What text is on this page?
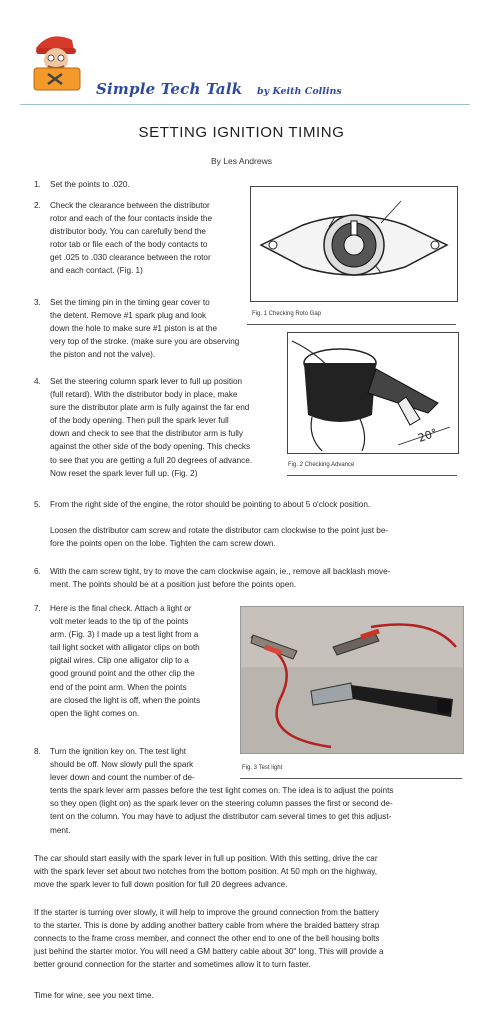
Simple Tech Talk by Keith Collins
SETTING IGNITION TIMING
By Les Andrews
1.	Set the points to .020.
2.	Check the clearance between the distributor
rotor and each of the four contacts inside the
distributor body. You can carefully bend the
rotor tab or file each of the body contacts to
get .025 to .030 clearance between the rotor
and each contact. (Fig. 1)
Fig. 1 Checking Roto Gap
3.	Set the timing pin in the timing gear cover to
the detent. Remove #1 spark plug and look
down the hole to make sure #1 piston is at the
very top of the stroke. (make sure you are observing
the piston and not the valve).
20°
Fig. 2 Checking Advance
4.	Set the steering column spark lever to full up position
(full retard). With the distributor body in place, make
sure the distributor plate arm is fully against the far end
of the body opening. Then pull the spark lever full
down and check to see that the distributor arm is fully
against the other side of the body opening. This checks
to see that you are getting a full 20 degrees of advance.
Now reset the spark lever full up. (Fig. 2)
5.	From the right side of the engine, the rotor should be pointing to about 5 o'clock position.
Loosen the distributor cam screw and rotate the distributor cam clockwise to the point just be-
fore the points open on the lobe. Tighten the cam screw down.
6.	With the cam screw tight, try to move the cam clockwise again, ie., remove all backlash move-
ment. The points should be at a position just before the points open.
7.	Here is the final check. Attach a light or
volt meter leads to the tip of the points
arm. (Fig. 3) I made up a test light from a
tail light socket with alligator clips on both
pigtail wires. Clip one alligator clip to a
good ground point and the other clip the
end of the point arm. When the points
are closed the light is off, when the points
open the light comes on.
Fig. 3 Test light
8.	Turn the ignition key on. The test light
should be off. Now slowly pull the spark
lever down and count the number of de-
tents the spark lever arm passes before the test light comes on. The idea is to adjust the points
so they open (light on) as the spark lever on the steering column passes the first or second de-
tent on the column. You may have to adjust the distributor cam several times to get this adjust-
ment.
The car should start easily with the spark lever in full up position. With this setting, drive the car
with the spark lever set about two notches from the bottom position. At 50 mph on the highway,
move the spark lever to full down position for full 20 degrees advance.
If the starter is turning over slowly, it will help to improve the ground connection from the battery
to the starter. This is done by adding another battery cable from where the braided battery strap
connects to the frame cross member, and connect the other end to one of the bell housing bolts
just behind the starter motor. You will need a GM battery cable about 30" long. This will provide a
better ground connection for the starter and sometimes allow it to turn faster.
Time for wine, see you next time.
